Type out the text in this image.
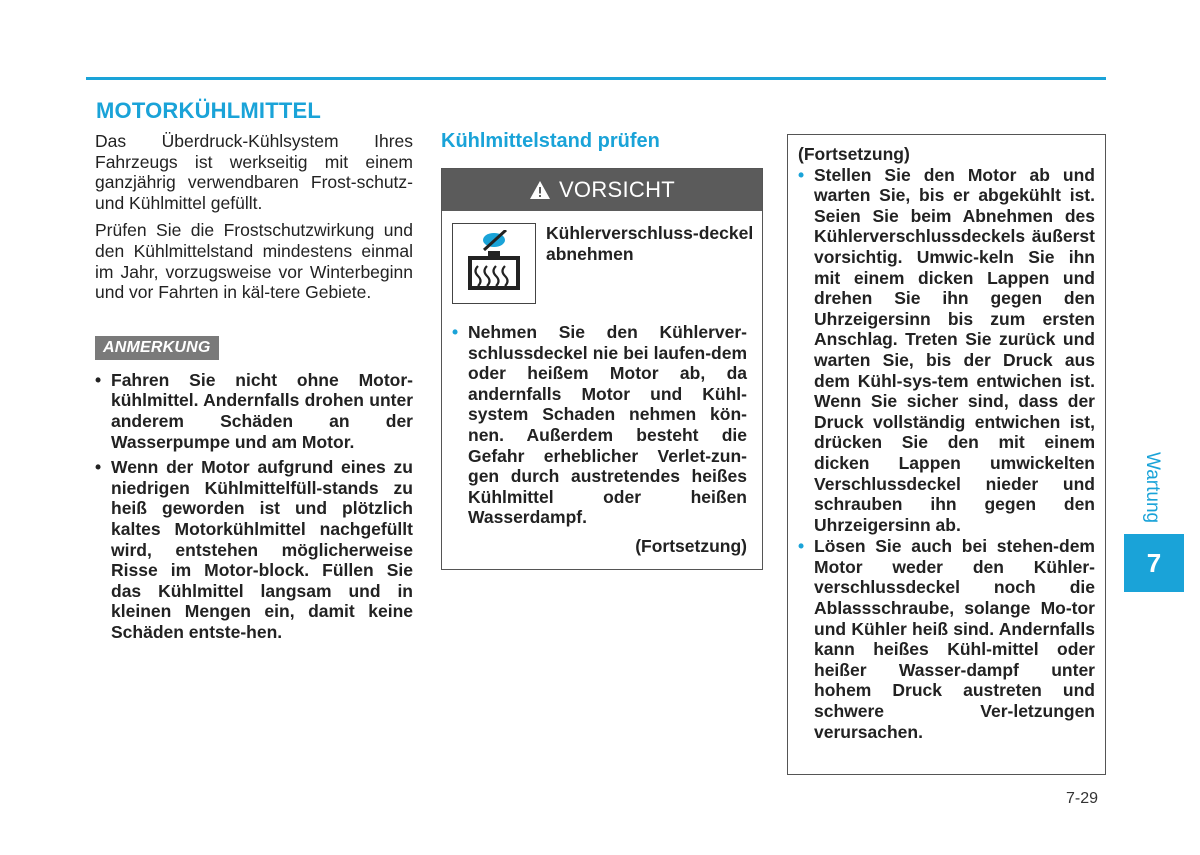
MOTORKÜHLMITTEL

Das Überdruck-Kühlsystem Ihres Fahrzeugs ist werkseitig mit einem ganzjährig verwendbaren Frost-schutz- und Kühlmittel gefüllt.

Prüfen Sie die Frostschutzwirkung und den Kühlmittelstand mindestens einmal im Jahr, vorzugsweise vor Winterbeginn und vor Fahrten in käl-tere Gebiete.

ANMERKUNG
• Fahren Sie nicht ohne Motor-kühlmittel. Andernfalls drohen unter anderem Schäden an der Wasserpumpe und am Motor.
• Wenn der Motor aufgrund eines zu niedrigen Kühlmittelfüll-stands zu heiß geworden ist und plötzlich kaltes Motorkühlmittel nachgefüllt wird, entstehen möglicherweise Risse im Motor-block. Füllen Sie das Kühlmittel langsam und in kleinen Mengen ein, damit keine Schäden entste-hen.
Kühlmittelstand prüfen
VORSICHT
Kühlerverschluss-deckel abnehmen
• Nehmen Sie den Kühlerver-schlussdeckel nie bei laufen-dem oder heißem Motor ab, da andernfalls Motor und Kühl-system Schaden nehmen kön-nen. Außerdem besteht die Gefahr erheblicher Verlet-zun-gen durch austretendes heißes Kühlmittel oder heißen Wasserdampf.
(Fortsetzung)
(Fortsetzung)
• Stellen Sie den Motor ab und warten Sie, bis er abgekühlt ist. Seien Sie beim Abnehmen des Kühlerverschlussdeckels äußerst vorsichtig. Umwic-keln Sie ihn mit einem dicken Lappen und drehen Sie ihn gegen den Uhrzeigersinn bis zum ersten Anschlag. Treten Sie zurück und warten Sie, bis der Druck aus dem Kühl-sys-tem entwichen ist. Wenn Sie sicher sind, dass der Druck vollständig entwichen ist, drücken Sie den mit einem dicken Lappen umwickelten Verschlussdeckel nieder und schrauben ihn gegen den Uhrzeigersinn ab.
• Lösen Sie auch bei stehen-dem Motor weder den Kühler-verschlussdeckel noch die Ablassschraube, solange Mo-tor und Kühler heiß sind. Andernfalls kann heißes Kühl-mittel oder heißer Wasser-dampf unter hohem Druck austreten und schwere Ver-letzungen verursachen.
Wartung
7
7-29
